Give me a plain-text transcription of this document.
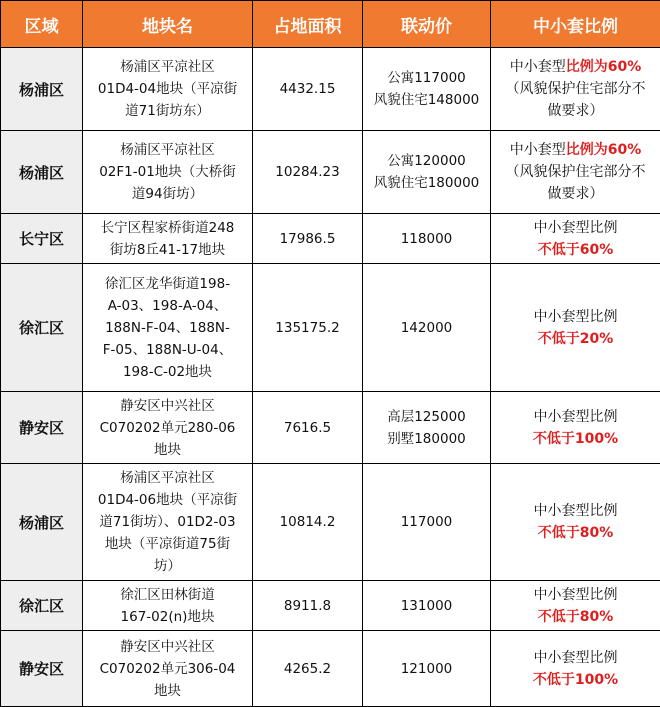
区域	地块名	占地面积	联动价	中小套比例
杨浦区	杨浦区平凉社区
01D4-04地块（平凉街
道71街坊东）	4432.15	公寓117000
风貌住宅148000	中小套型比例为60%
（风貌保护住宅部分不
做要求）

杨浦区	杨浦区平凉社区
02F1-01地块（大桥街
道94街坊）	10284.23	公寓120000
风貌住宅180000	中小套型比例为60%
（风貌保护住宅部分不
做要求）

长宁区	长宁区程家桥街道248
街坊8丘41-17地块	17986.5	118000	中小套型比例
不低于60%

徐汇区	徐汇区龙华街道198-
A-03、198-A-04、
188N-F-04、188N-
F-05、188N-U-04、
198-C-02地块	135175.2	142000	中小套型比例
不低于20%

静安区	静安区中兴社区
C070202单元280-06
地块	7616.5	高层125000
别墅180000	中小套型比例
不低于100%

杨浦区	杨浦区平凉社区
01D4-06地块（平凉街
道71街坊）、01D2-03
地块（平凉街道75街
坊）	10814.2	117000	中小套型比例
不低于80%

徐汇区	徐汇区田林街道
167-02(n)地块	8911.8	131000	中小套型比例
不低于80%

静安区	静安区中兴社区
C070202单元306-04
地块	4265.2	121000	中小套型比例
不低于100%
